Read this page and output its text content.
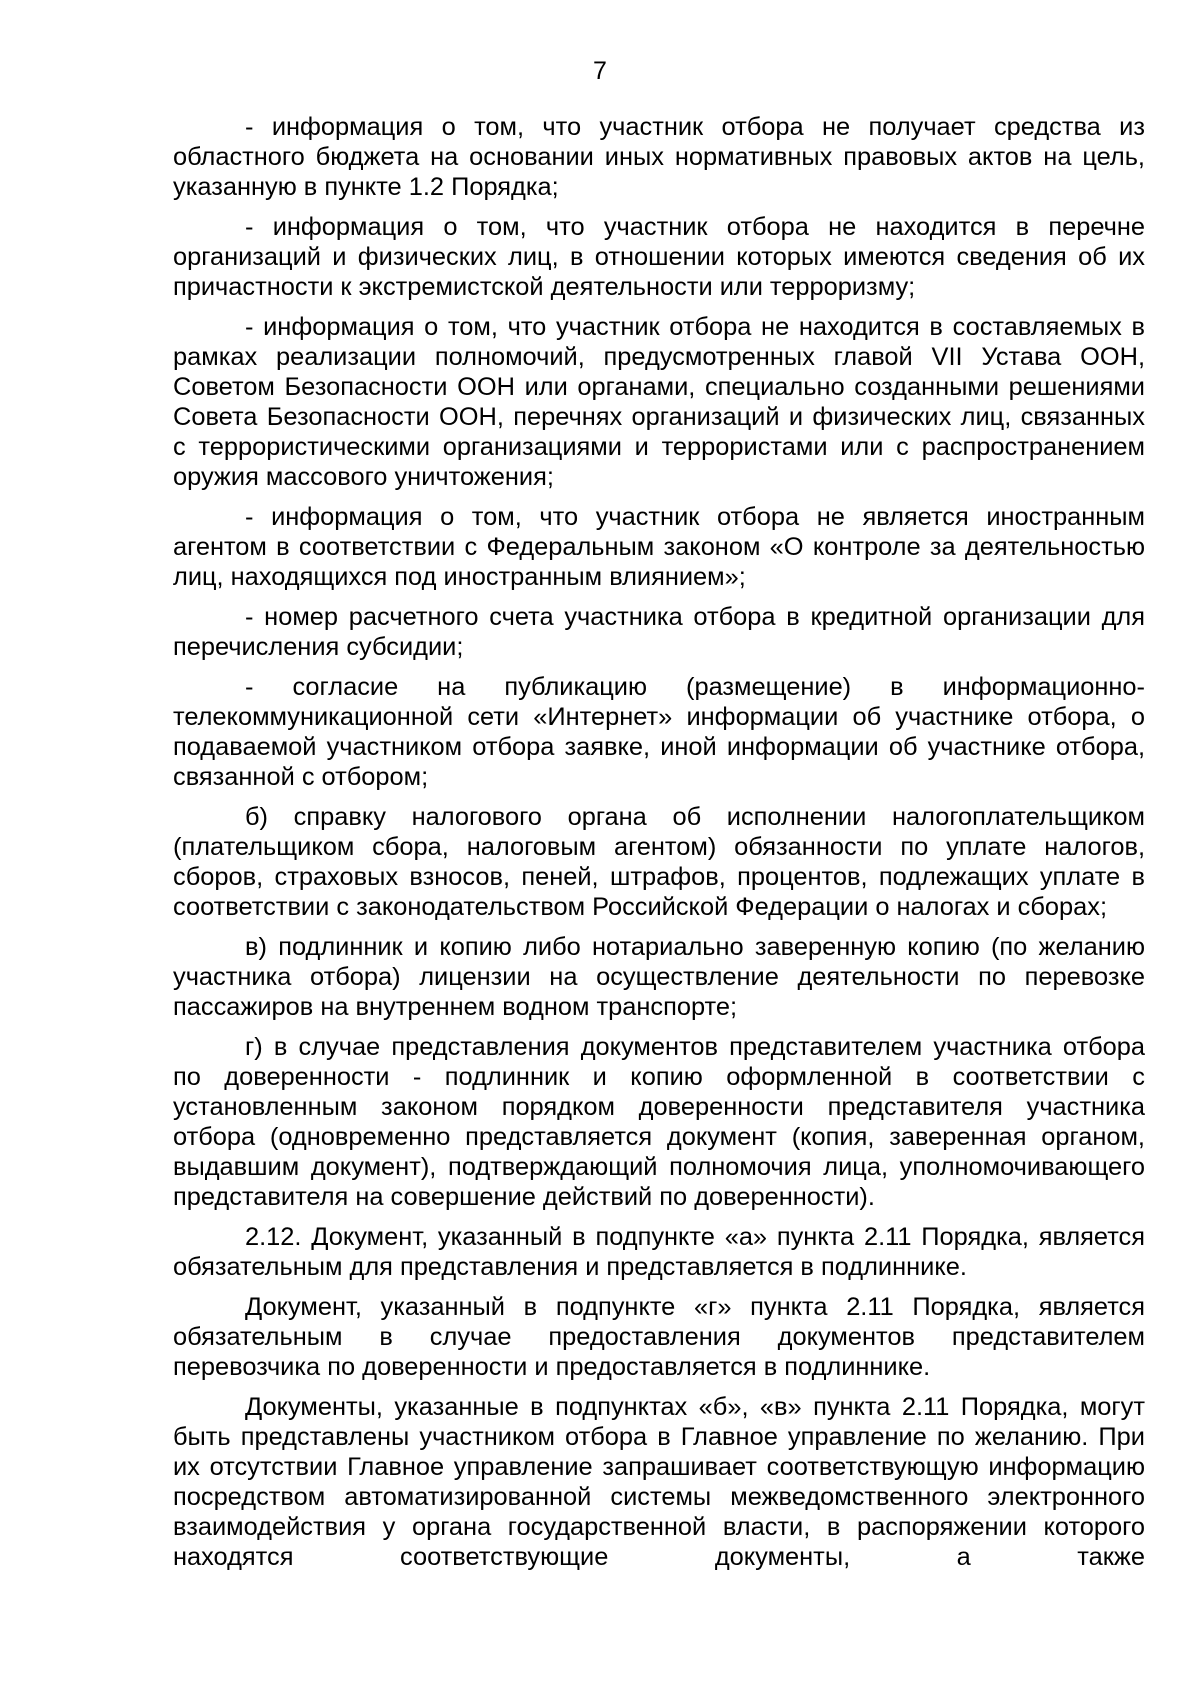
7

- информация о том, что участник отбора не получает средства из областного бюджета на основании иных нормативных правовых актов на цель, указанную в пункте 1.2 Порядка;

- информация о том, что участник отбора не находится в перечне организаций и физических лиц, в отношении которых имеются сведения об их причастности к экстремистской деятельности или терроризму;

- информация о том, что участник отбора не находится в составляемых в рамках реализации полномочий, предусмотренных главой VII Устава ООН, Советом Безопасности ООН или органами, специально созданными решениями Совета Безопасности ООН, перечнях организаций и физических лиц, связанных с террористическими организациями и террористами или с распространением оружия массового уничтожения;

- информация о том, что участник отбора не является иностранным агентом в соответствии с Федеральным законом «О контроле за деятельностью лиц, находящихся под иностранным влиянием»;

- номер расчетного счета участника отбора в кредитной организации для перечисления субсидии;

- согласие на публикацию (размещение) в информационно-телекоммуникационной сети «Интернет» информации об участнике отбора, о подаваемой участником отбора заявке, иной информации об участнике отбора, связанной с отбором;

б) справку налогового органа об исполнении налогоплательщиком (плательщиком сбора, налоговым агентом) обязанности по уплате налогов, сборов, страховых взносов, пеней, штрафов, процентов, подлежащих уплате в соответствии с законодательством Российской Федерации о налогах и сборах;

в) подлинник и копию либо нотариально заверенную копию (по желанию участника отбора) лицензии на осуществление деятельности по перевозке пассажиров на внутреннем водном транспорте;

г) в случае представления документов представителем участника отбора по доверенности - подлинник и копию оформленной в соответствии с установленным законом порядком доверенности представителя участника отбора (одновременно представляется документ (копия, заверенная органом, выдавшим документ), подтверждающий полномочия лица, уполномочивающего представителя на совершение действий по доверенности).

2.12. Документ, указанный в подпункте «а» пункта 2.11 Порядка, является обязательным для представления и представляется в подлиннике.

Документ, указанный в подпункте «г» пункта 2.11 Порядка, является обязательным в случае предоставления документов представителем перевозчика по доверенности и предоставляется в подлиннике.

Документы, указанные в подпунктах «б», «в» пункта 2.11 Порядка, могут быть представлены участником отбора в Главное управление по желанию. При их отсутствии Главное управление запрашивает соответствующую информацию посредством автоматизированной системы межведомственного электронного взаимодействия у органа государственной власти, в распоряжении которого находятся соответствующие документы, а также
